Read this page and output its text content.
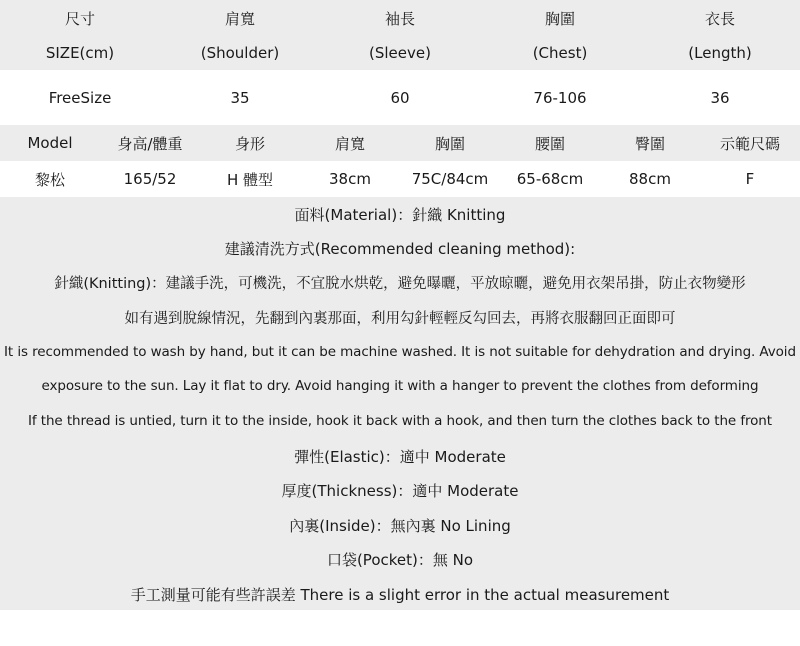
尺寸	肩寬	袖長	胸圍	衣長
SIZE(cm)	(Shoulder)	(Sleeve)	(Chest)	(Length)
FreeSize	35	60	76-106	36
Model	身高/體重	身形	肩寬	胸圍	腰圍	臀圍	示範尺碼
黎松	165/52	H 體型	38cm	75C/84cm	65-68cm	88cm	F
面料(Material)：針織 Knitting
建議清洗方式(Recommended cleaning method):
針織(Knitting)：建議手洗，可機洗，不宜脫水烘乾，避免曝曬，平放晾曬，避免用衣架吊掛，防止衣物變形
如有遇到脫線情況，先翻到內裏那面，利用勾針輕輕反勾回去，再將衣服翻回正面即可
It is recommended to wash by hand, but it can be machine washed. It is not suitable for dehydration and drying. Avoid
exposure to the sun. Lay it flat to dry. Avoid hanging it with a hanger to prevent the clothes from deforming
If the thread is untied, turn it to the inside, hook it back with a hook, and then turn the clothes back to the front
彈性(Elastic)：適中 Moderate
厚度(Thickness)：適中 Moderate
內裏(Inside)：無內裏 No Lining
口袋(Pocket)：無 No
手工測量可能有些許誤差 There is a slight error in the actual measurement
